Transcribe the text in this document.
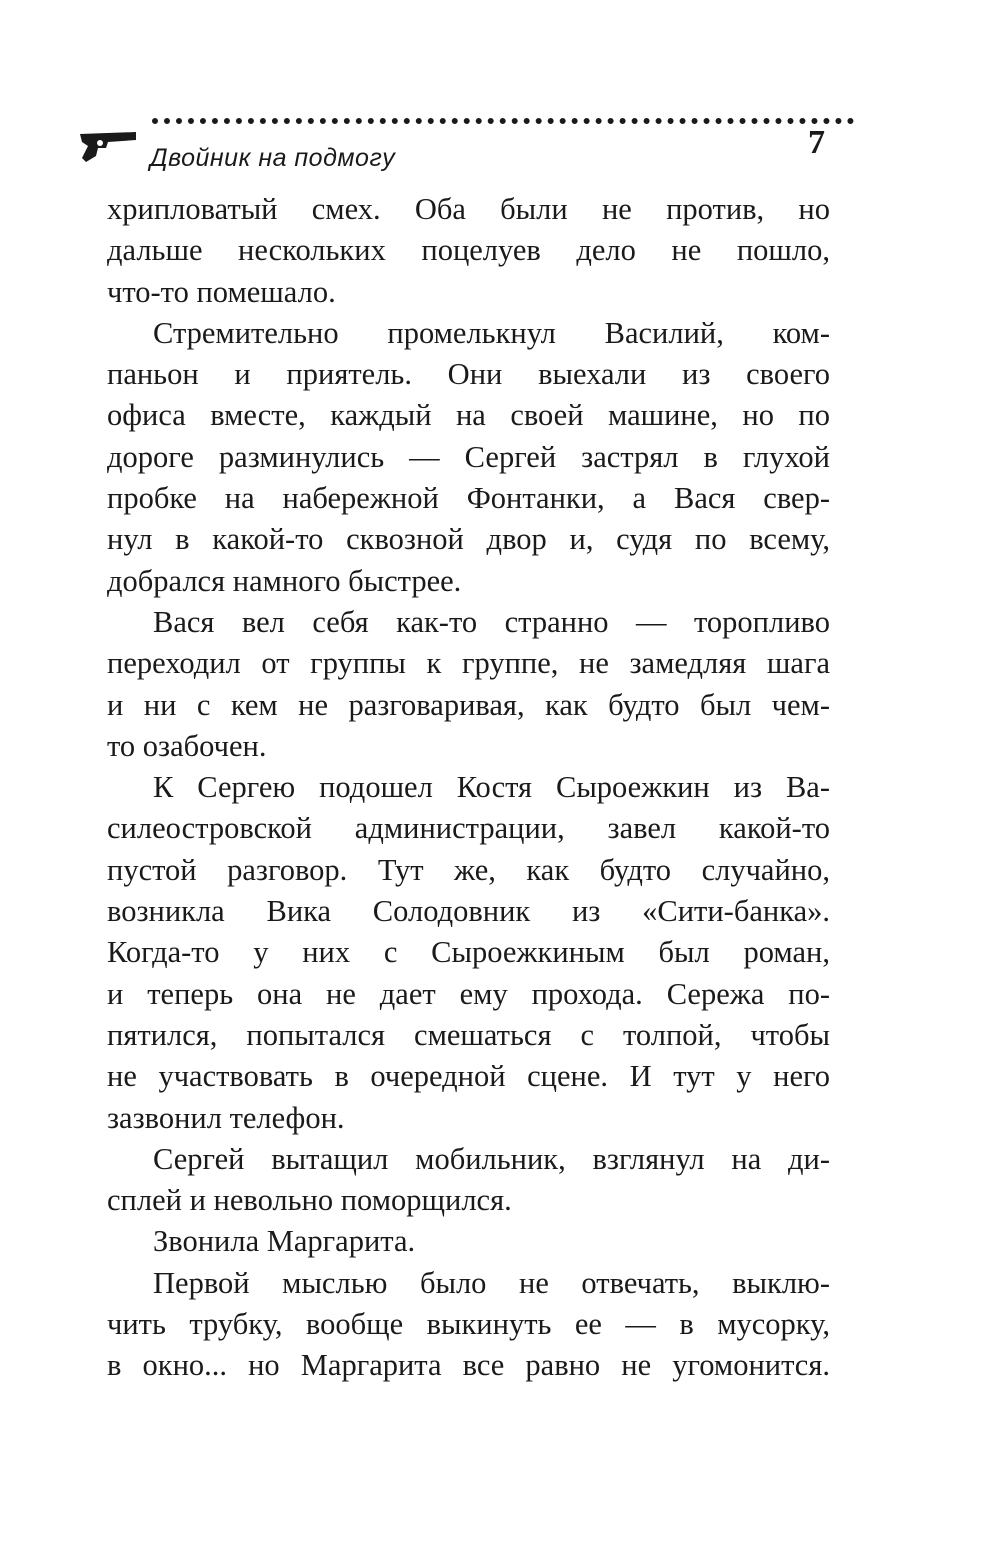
Двойник на подмогу	7
хрипловатый смех. Оба были не против, но
дальше нескольких поцелуев дело не пошло,
что-то помешало.
Стремительно промелькнул Василий, ком-
паньон и приятель. Они выехали из своего
офиса вместе, каждый на своей машине, но по
дороге разминулись — Сергей застрял в глухой
пробке на набережной Фонтанки, а Вася свер-
нул в какой-то сквозной двор и, судя по всему,
добрался намного быстрее.
Вася вел себя как-то странно — торопливо
переходил от группы к группе, не замедляя шага
и ни с кем не разговаривая, как будто был чем-
то озабочен.
К Сергею подошел Костя Сыроежкин из Ва-
силеостровской администрации, завел какой-то
пустой разговор. Тут же, как будто случайно,
возникла Вика Солодовник из «Сити-банка».
Когда-то у них с Сыроежкиным был роман,
и теперь она не дает ему прохода. Сережа по-
пятился, попытался смешаться с толпой, чтобы
не участвовать в очередной сцене. И тут у него
зазвонил телефон.
Сергей вытащил мобильник, взглянул на ди-
сплей и невольно поморщился.
Звонила Маргарита.
Первой мыслью было не отвечать, выклю-
чить трубку, вообще выкинуть ее — в мусорку,
в окно... но Маргарита все равно не угомонится.
